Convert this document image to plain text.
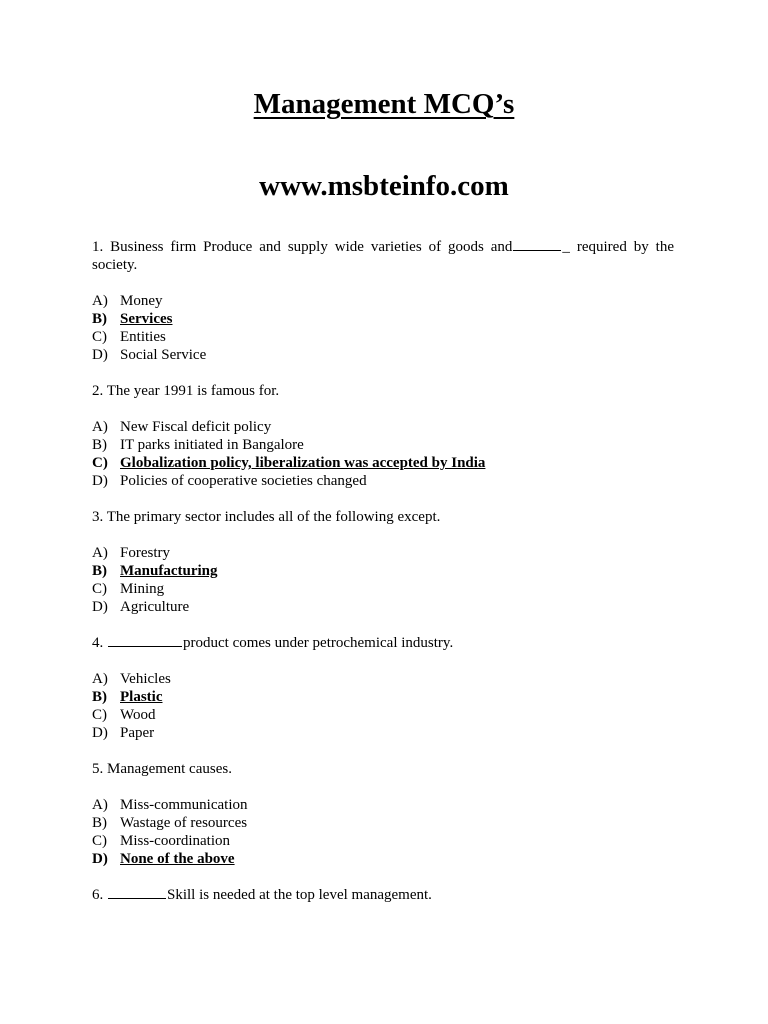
Management MCQ’s
www.msbteinfo.com

1. Business firm Produce and supply wide varieties of goods and	_ required by the society.

A) Money
B) Services
C) Entities
D) Social Service

2. The year 1991 is famous for.

A) New Fiscal deficit policy
B) IT parks initiated in Bangalore
C) Globalization policy, liberalization was accepted by India
D) Policies of cooperative societies changed

3. The primary sector includes all of the following except.

A) Forestry
B) Manufacturing
C) Mining
D) Agriculture

4.	product comes under petrochemical industry.

A) Vehicles
B) Plastic
C) Wood
D) Paper

5. Management causes.

A) Miss-communication
B) Wastage of resources
C) Miss-coordination
D) None of the above

6.	Skill is needed at the top level management.
